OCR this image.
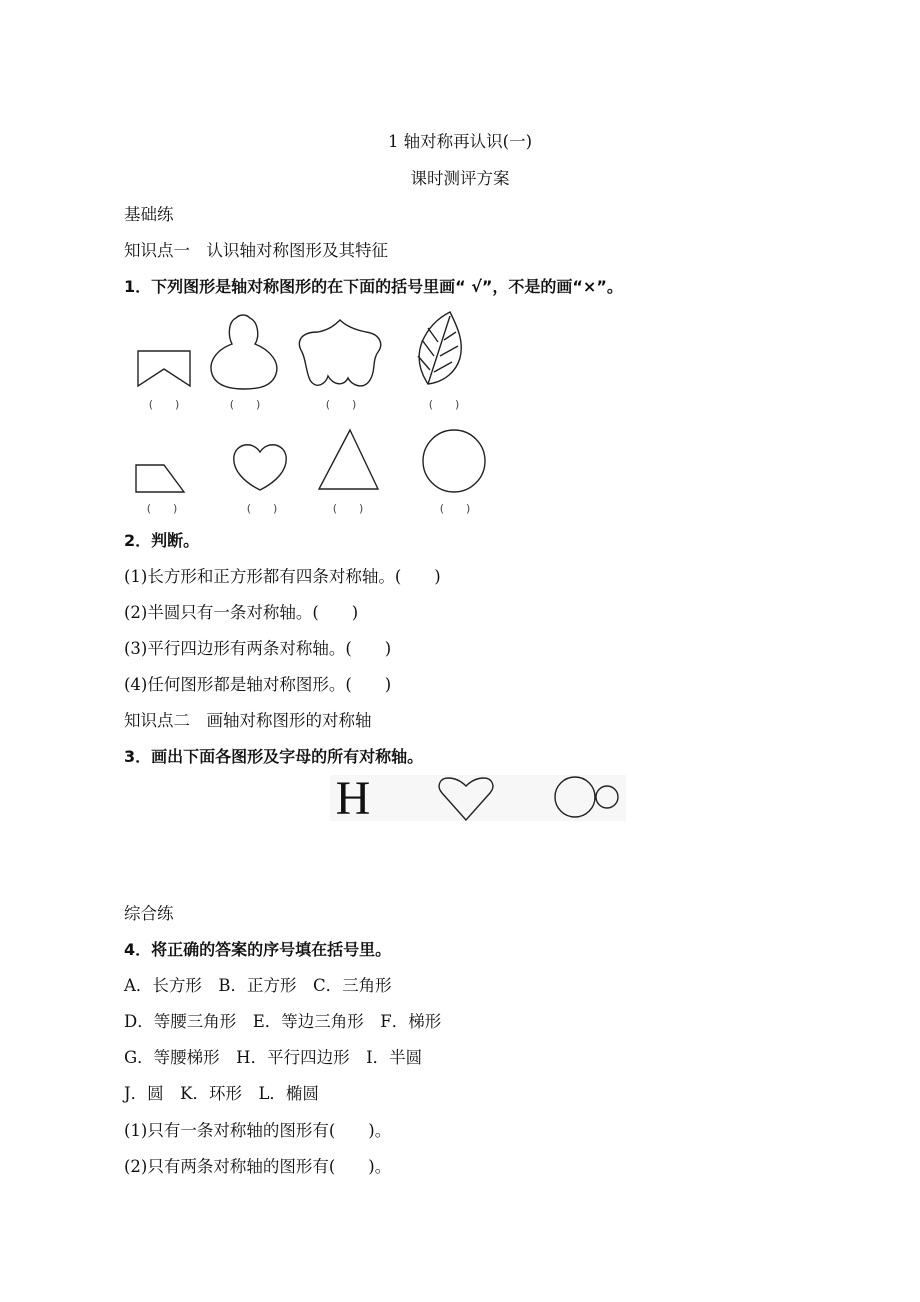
1 轴对称再认识(一)
课时测评方案
基础练
知识点一　认识轴对称图形及其特征
1．下列图形是轴对称图形的在下面的括号里画“ √”，不是的画“×”。
(　　)	(　　)	(　　)	(　　)
(　　)	(　　)	(　　)	(　　)
2．判断。
(1)长方形和正方形都有四条对称轴。(　　)
(2)半圆只有一条对称轴。(　　)
(3)平行四边形有两条对称轴。(　　)
(4)任何图形都是轴对称图形。(　　)
知识点二　画轴对称图形的对称轴
3．画出下面各图形及字母的所有对称轴。
H
综合练
4．将正确的答案的序号填在括号里。
A．长方形　B．正方形　C．三角形
D．等腰三角形　E．等边三角形　F．梯形
G．等腰梯形　H．平行四边形　I．半圆
J．圆　K．环形　L．椭圆
(1)只有一条对称轴的图形有(　　)。
(2)只有两条对称轴的图形有(　　)。
